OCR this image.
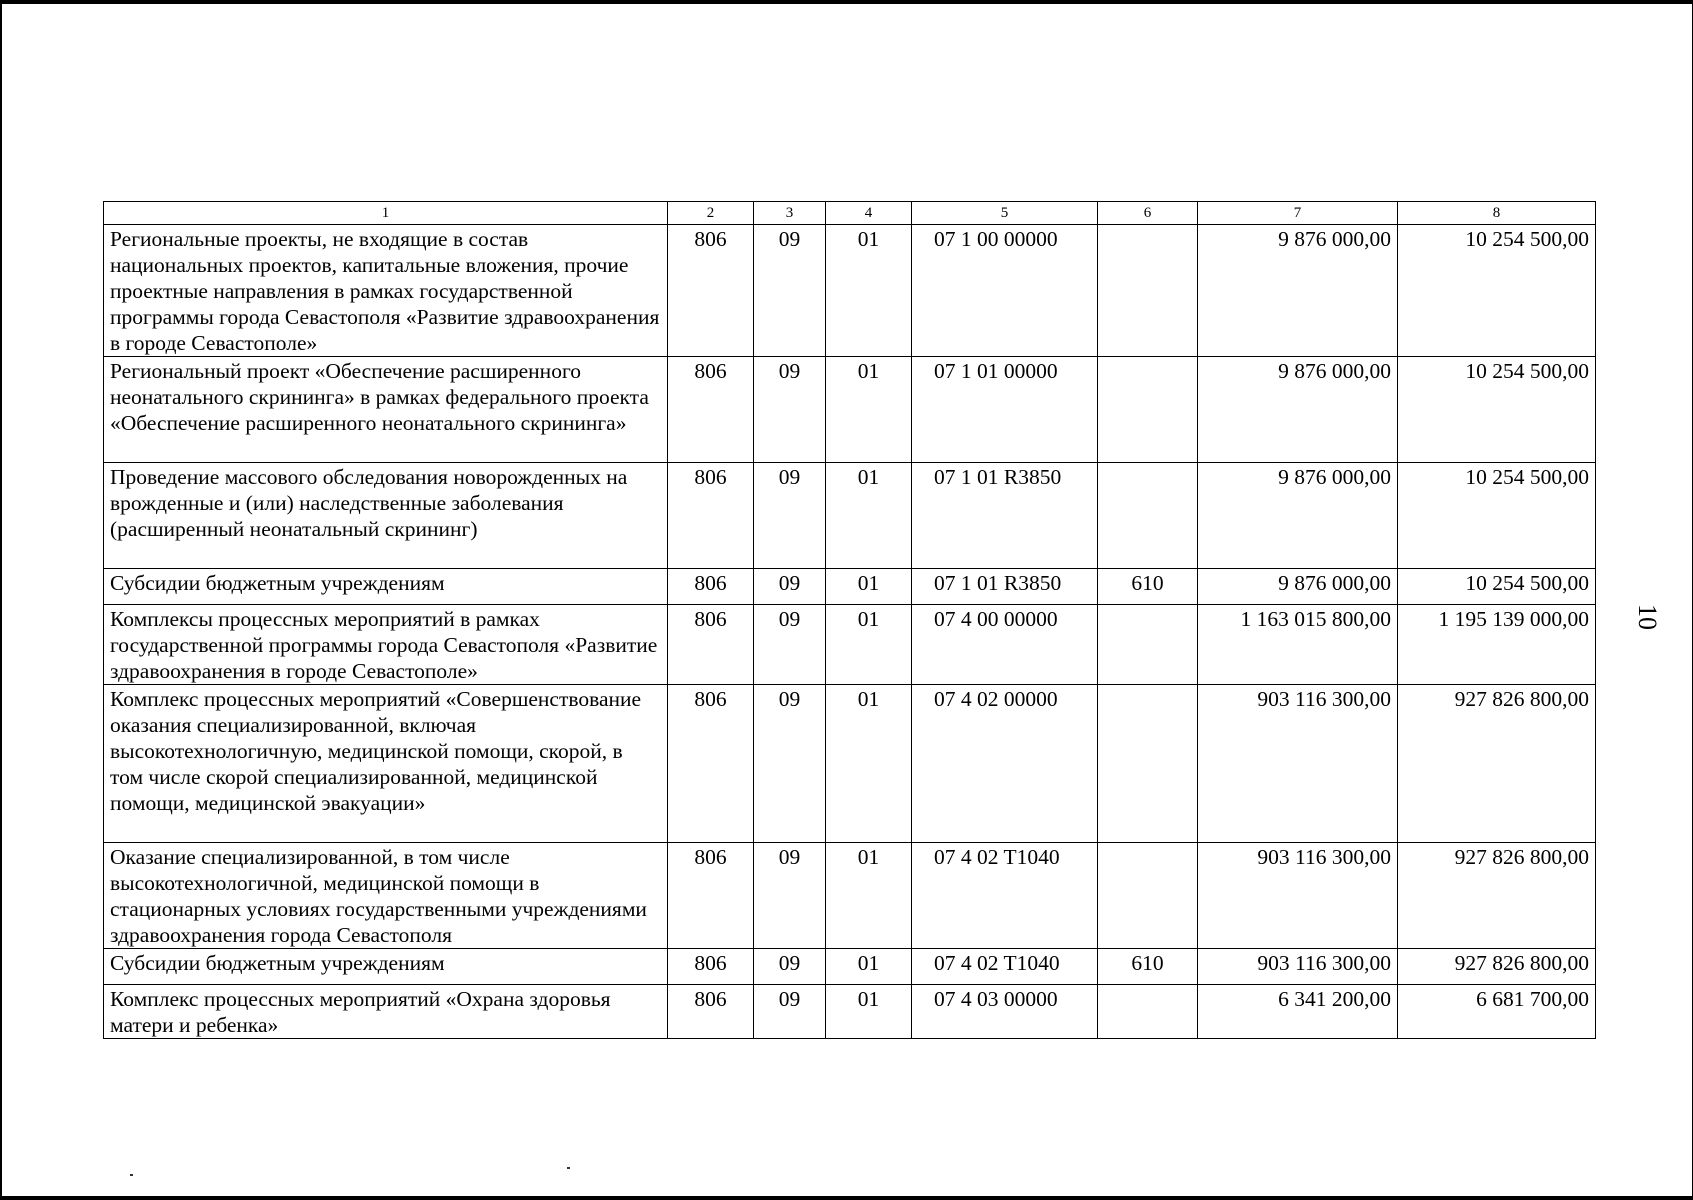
10
1	2	3	4	5	6	7	8
Региональные проекты, не входящие в состав национальных проектов, капитальные вложения, прочие проектные направления в рамках государственной программы города Севастополя «Развитие здравоохранения в городе Севастополе»	806	09	01	07 1 00 00000		9 876 000,00	10 254 500,00
Региональный проект «Обеспечение расширенного неонатального скрининга» в рамках федерального проекта «Обеспечение расширенного неонатального скрининга»	806	09	01	07 1 01 00000		9 876 000,00	10 254 500,00
Проведение массового обследования новорожденных на врожденные и (или) наследственные заболевания (расширенный неонатальный скрининг)	806	09	01	07 1 01 R3850		9 876 000,00	10 254 500,00
Субсидии бюджетным учреждениям	806	09	01	07 1 01 R3850	610	9 876 000,00	10 254 500,00
Комплексы процессных мероприятий в рамках государственной программы города Севастополя «Развитие здравоохранения в городе Севастополе»	806	09	01	07 4 00 00000		1 163 015 800,00	1 195 139 000,00
Комплекс процессных мероприятий «Совершенствование оказания специализированной, включая высокотехнологичную, медицинской помощи, скорой, в том числе скорой специализированной, медицинской помощи, медицинской эвакуации»	806	09	01	07 4 02 00000		903 116 300,00	927 826 800,00
Оказание специализированной, в том числе высокотехнологичной, медицинской помощи в стационарных условиях государственными учреждениями здравоохранения города Севастополя	806	09	01	07 4 02 T1040		903 116 300,00	927 826 800,00
Субсидии бюджетным учреждениям	806	09	01	07 4 02 T1040	610	903 116 300,00	927 826 800,00
Комплекс процессных мероприятий «Охрана здоровья матери и ребенка»	806	09	01	07 4 03 00000		6 341 200,00	6 681 700,00
